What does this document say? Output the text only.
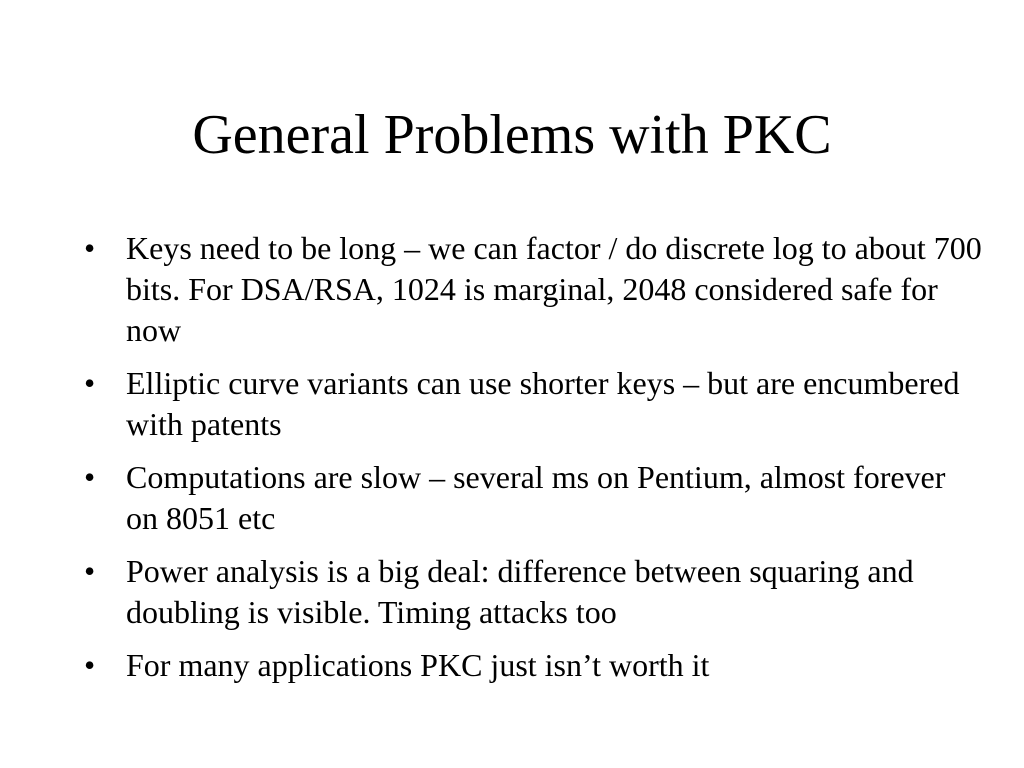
General Problems with PKC
• Keys need to be long – we can factor / do discrete log to about 700 bits. For DSA/RSA, 1024 is marginal, 2048 considered safe for now
• Elliptic curve variants can use shorter keys – but are encumbered with patents
• Computations are slow – several ms on Pentium, almost forever on 8051 etc
• Power analysis is a big deal: difference between squaring and doubling is visible. Timing attacks too
• For many applications PKC just isn’t worth it
